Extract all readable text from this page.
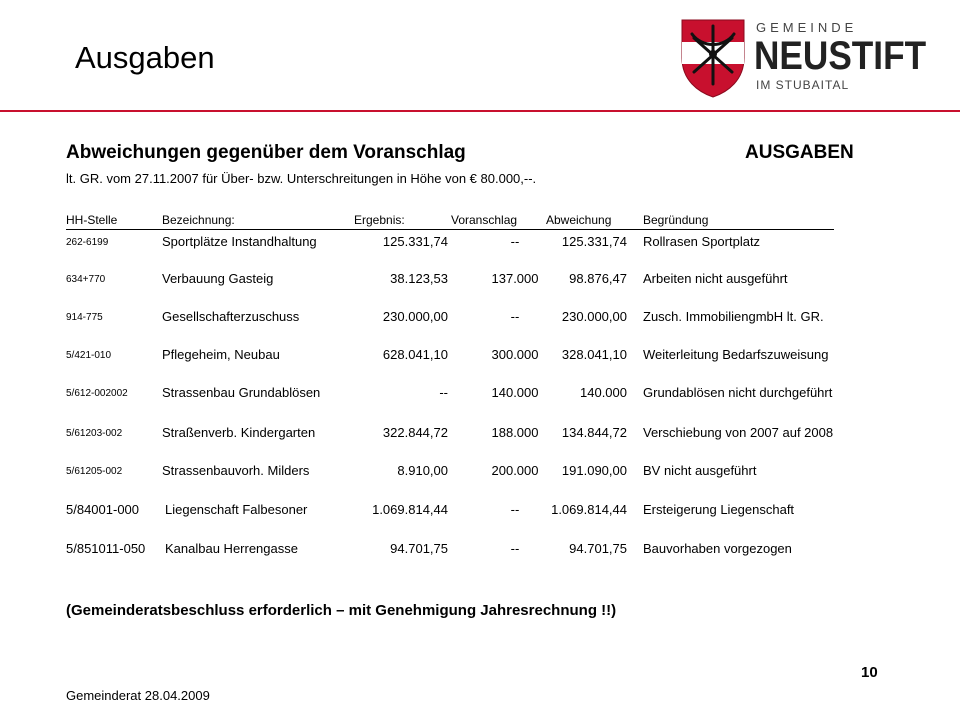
Ausgaben
GEMEINDE
NEUSTIFT
IM STUBAITAL
Abweichungen gegenüber dem Voranschlag	AUSGABEN
lt. GR. vom 27.11.2007 für Über- bzw. Unterschreitungen in Höhe von € 80.000,--.
HH-Stelle	Bezeichnung:	Ergebnis:	Voranschlag Abweichung	Begründung
262-6199	Sportplätze Instandhaltung	125.331,74	--	125.331,74 Rollrasen Sportplatz
634+770	Verbauung Gasteig	38.123,53	137.000	98.876,47 Arbeiten nicht ausgeführt
914-775	Gesellschafterzuschuss	230.000,00	--	230.000,00 Zusch. ImmobiliengmbH lt. GR.
5/421-010	Pflegeheim, Neubau	628.041,10	300.000	328.041,10 Weiterleitung Bedarfszuweisung
5/612-002002	Strassenbau Grundablösen	--	140.000	140.000 Grundablösen nicht durchgeführt
5/61203-002	Straßenverb. Kindergarten	322.844,72	188.000	134.844,72 Verschiebung von 2007 auf 2008
5/61205-002	Strassenbauvorh. Milders	8.910,00	200.000	191.090,00 BV nicht ausgeführt
5/84001-000 Liegenschaft Falbesoner	1.069.814,44	--	1.069.814,44 Ersteigerung Liegenschaft
5/851011-050 Kanalbau Herrengasse	94.701,75	--	94.701,75 Bauvorhaben vorgezogen
(Gemeinderatsbeschluss erforderlich – mit Genehmigung Jahresrechnung !!)
10
Gemeinderat 28.04.2009
